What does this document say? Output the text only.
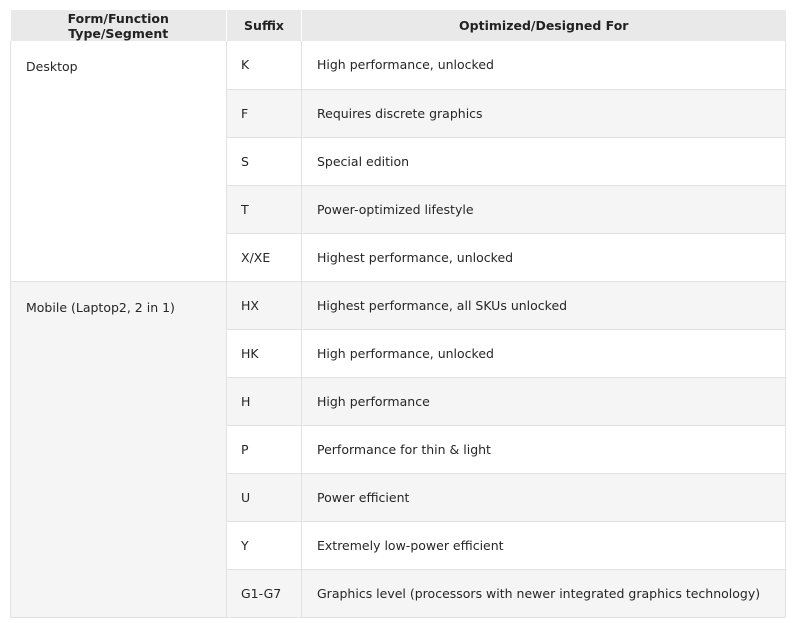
Form/Function Type/Segment	Suffix	Optimized/Designed For
Desktop	K	High performance, unlocked
	F	Requires discrete graphics
	S	Special edition
	T	Power-optimized lifestyle
	X/XE	Highest performance, unlocked
Mobile (Laptop2, 2 in 1)	HX	Highest performance, all SKUs unlocked
	HK	High performance, unlocked
	H	High performance
	P	Performance for thin & light
	U	Power efficient
	Y	Extremely low-power efficient
	G1-G7	Graphics level (processors with newer integrated graphics technology)
